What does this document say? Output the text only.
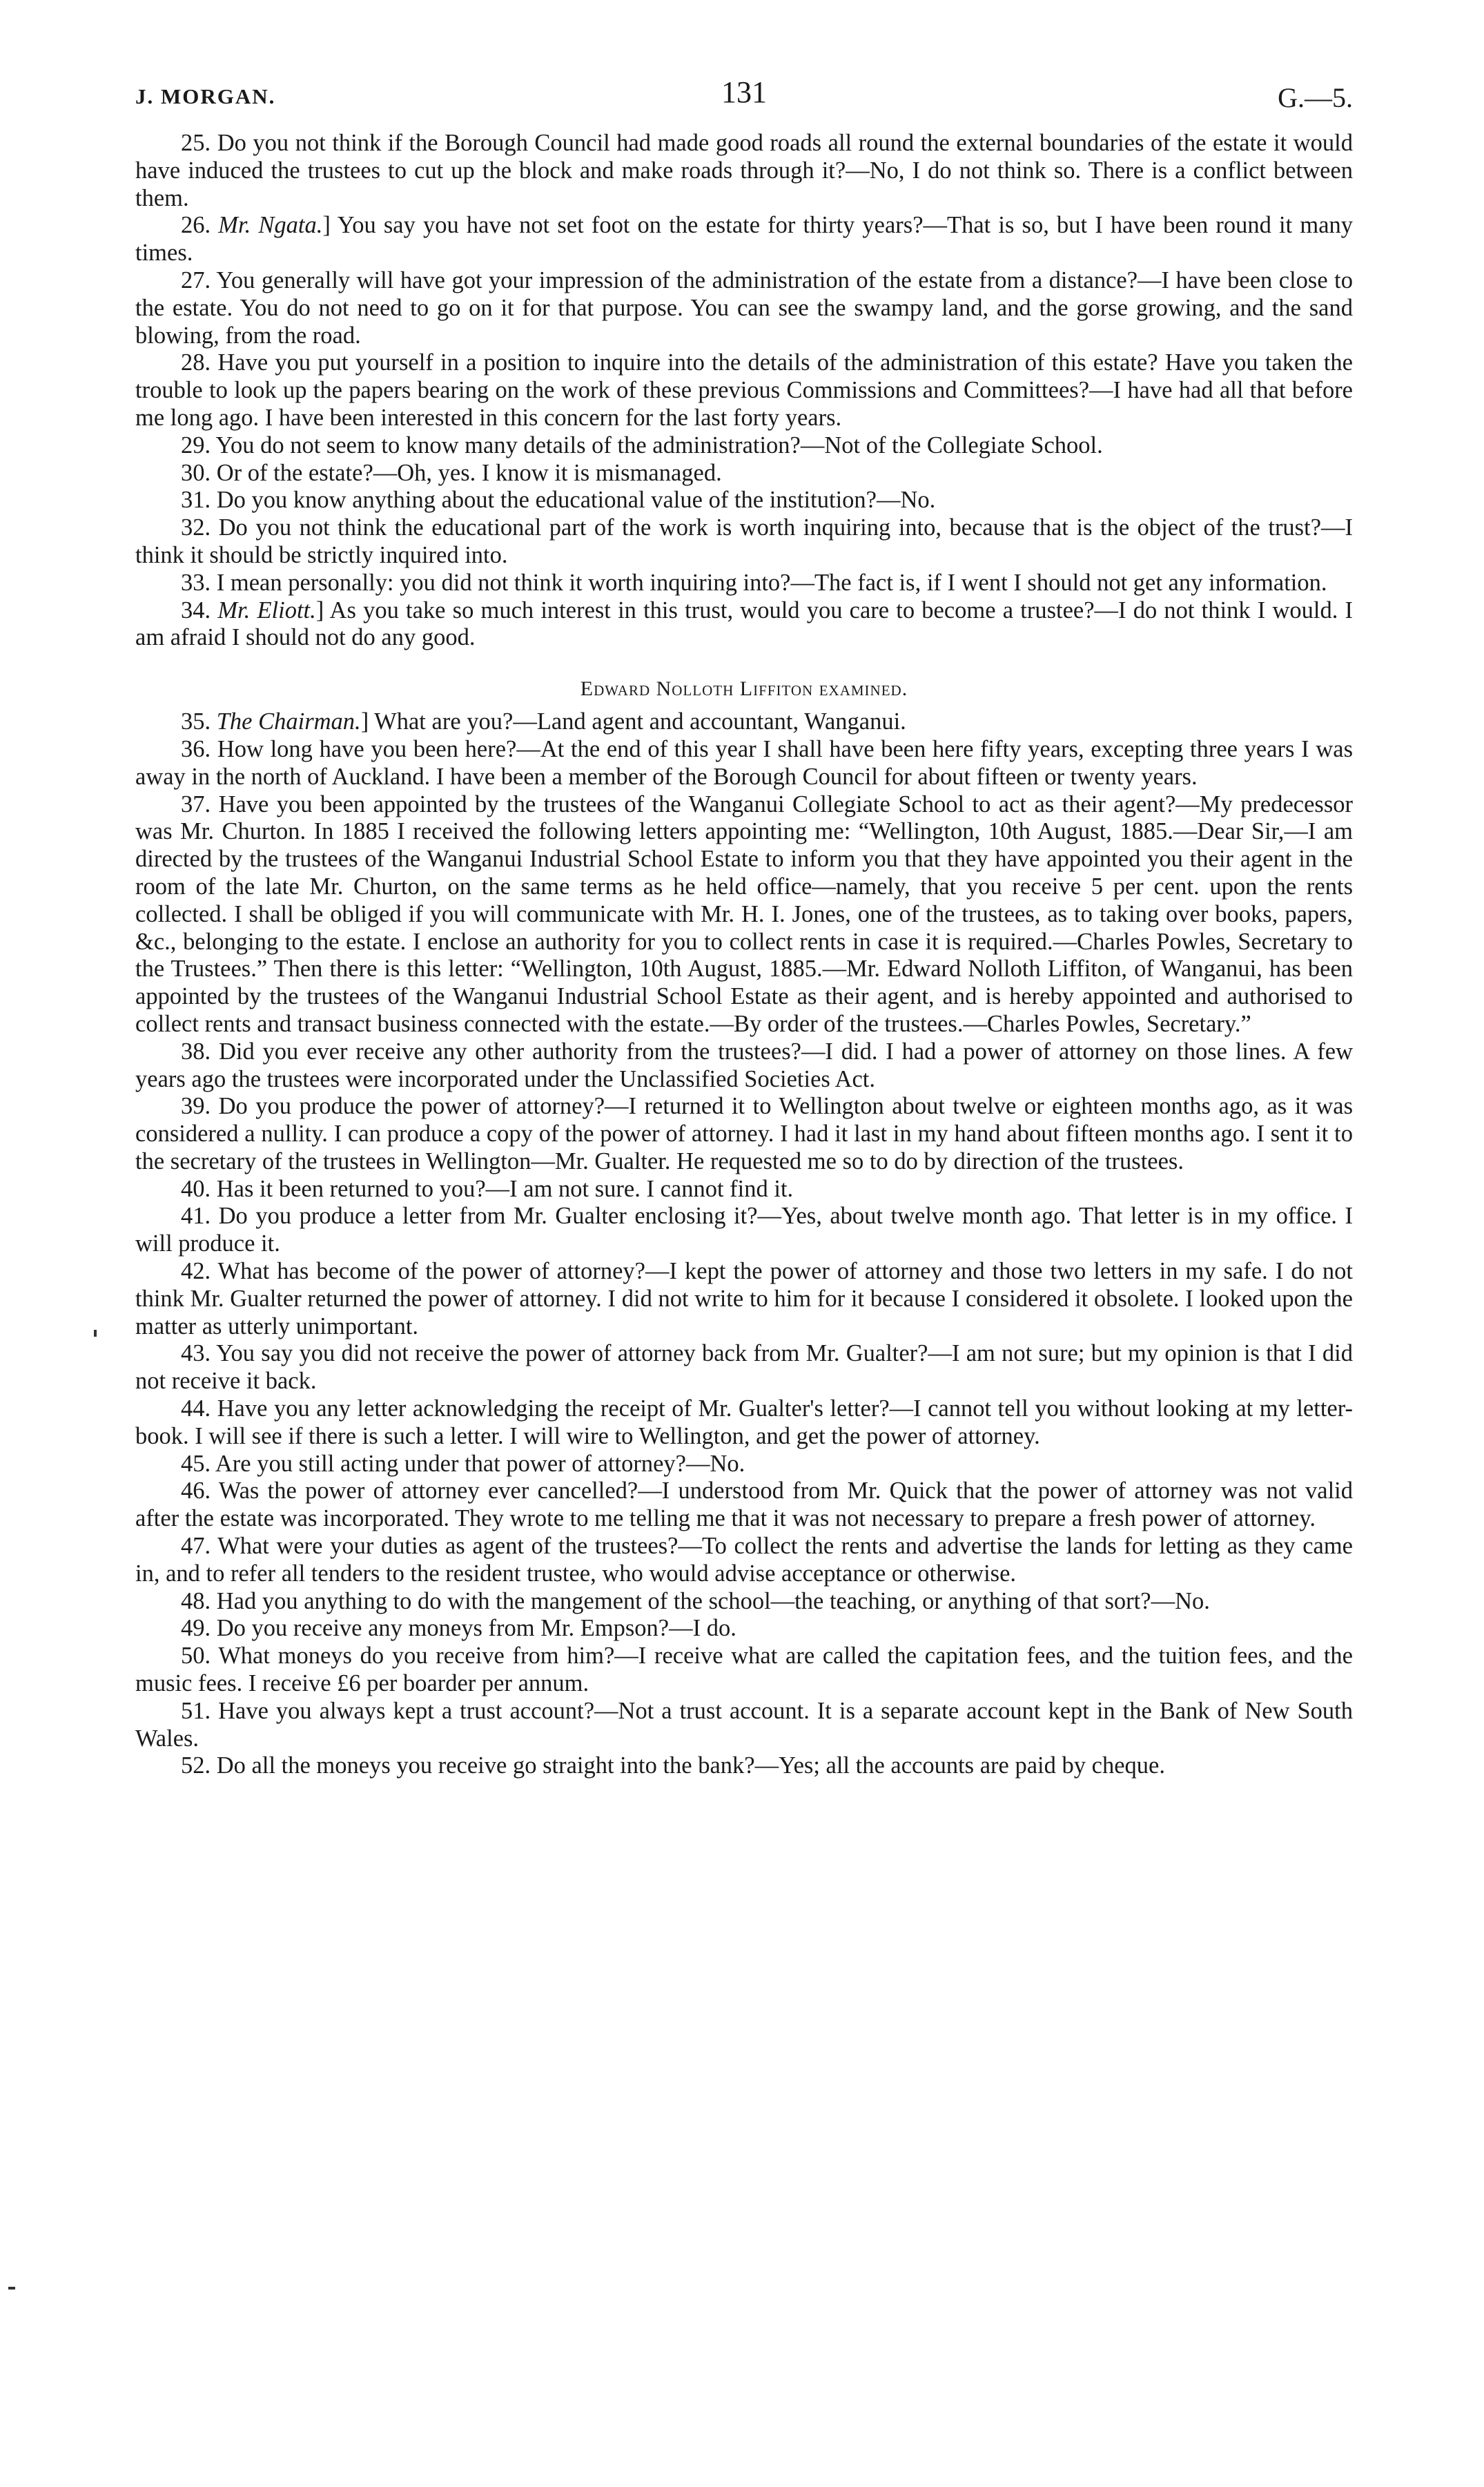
J. MORGAN.	131	G.—5.

25. Do you not think if the Borough Council had made good roads all round the external boundaries of the estate it would have induced the trustees to cut up the block and make roads through it?—No, I do not think so. There is a conflict between them.

26. Mr. Ngata.] You say you have not set foot on the estate for thirty years?—That is so, but I have been round it many times.

27. You generally will have got your impression of the administration of the estate from a distance?—I have been close to the estate. You do not need to go on it for that purpose. You can see the swampy land, and the gorse growing, and the sand blowing, from the road.

28. Have you put yourself in a position to inquire into the details of the administration of this estate? Have you taken the trouble to look up the papers bearing on the work of these previous Commissions and Committees?—I have had all that before me long ago. I have been interested in this concern for the last forty years.

29. You do not seem to know many details of the administration?—Not of the Collegiate School.

30. Or of the estate?—Oh, yes. I know it is mismanaged.

31. Do you know anything about the educational value of the institution?—No.

32. Do you not think the educational part of the work is worth inquiring into, because that is the object of the trust?—I think it should be strictly inquired into.

33. I mean personally: you did not think it worth inquiring into?—The fact is, if I went I should not get any information.

34. Mr. Eliott.] As you take so much interest in this trust, would you care to become a trustee?—I do not think I would. I am afraid I should not do any good.

Edward Nolloth Liffiton examined.

35. The Chairman.] What are you?—Land agent and accountant, Wanganui.

36. How long have you been here?—At the end of this year I shall have been here fifty years, excepting three years I was away in the north of Auckland. I have been a member of the Borough Council for about fifteen or twenty years.

37. Have you been appointed by the trustees of the Wanganui Collegiate School to act as their agent?—My predecessor was Mr. Churton. In 1885 I received the following letters appointing me: “Wellington, 10th August, 1885.—Dear Sir,—I am directed by the trustees of the Wanganui Industrial School Estate to inform you that they have appointed you their agent in the room of the late Mr. Churton, on the same terms as he held office—namely, that you receive 5 per cent. upon the rents collected. I shall be obliged if you will communicate with Mr. H. I. Jones, one of the trustees, as to taking over books, papers, &c., belonging to the estate. I enclose an authority for you to collect rents in case it is required.—Charles Powles, Secretary to the Trustees.” Then there is this letter: “Wellington, 10th August, 1885.—Mr. Edward Nolloth Liffiton, of Wanganui, has been appointed by the trustees of the Wanganui Industrial School Estate as their agent, and is hereby appointed and authorised to collect rents and transact business connected with the estate.—By order of the trustees.—Charles Powles, Secretary.”

38. Did you ever receive any other authority from the trustees?—I did. I had a power of attorney on those lines. A few years ago the trustees were incorporated under the Unclassified Societies Act.

39. Do you produce the power of attorney?—I returned it to Wellington about twelve or eighteen months ago, as it was considered a nullity. I can produce a copy of the power of attorney. I had it last in my hand about fifteen months ago. I sent it to the secretary of the trustees in Wellington—Mr. Gualter. He requested me so to do by direction of the trustees.

40. Has it been returned to you?—I am not sure. I cannot find it.

41. Do you produce a letter from Mr. Gualter enclosing it?—Yes, about twelve month ago. That letter is in my office. I will produce it.

42. What has become of the power of attorney?—I kept the power of attorney and those two letters in my safe. I do not think Mr. Gualter returned the power of attorney. I did not write to him for it because I considered it obsolete. I looked upon the matter as utterly unimportant.

43. You say you did not receive the power of attorney back from Mr. Gualter?—I am not sure; but my opinion is that I did not receive it back.

44. Have you any letter acknowledging the receipt of Mr. Gualter's letter?—I cannot tell you without looking at my letter-book. I will see if there is such a letter. I will wire to Wellington, and get the power of attorney.

45. Are you still acting under that power of attorney?—No.

46. Was the power of attorney ever cancelled?—I understood from Mr. Quick that the power of attorney was not valid after the estate was incorporated. They wrote to me telling me that it was not necessary to prepare a fresh power of attorney.

47. What were your duties as agent of the trustees?—To collect the rents and advertise the lands for letting as they came in, and to refer all tenders to the resident trustee, who would advise acceptance or otherwise.

48. Had you anything to do with the mangement of the school—the teaching, or anything of that sort?—No.

49. Do you receive any moneys from Mr. Empson?—I do.

50. What moneys do you receive from him?—I receive what are called the capitation fees, and the tuition fees, and the music fees. I receive £6 per boarder per annum.

51. Have you always kept a trust account?—Not a trust account. It is a separate account kept in the Bank of New South Wales.

52. Do all the moneys you receive go straight into the bank?—Yes; all the accounts are paid by cheque.
